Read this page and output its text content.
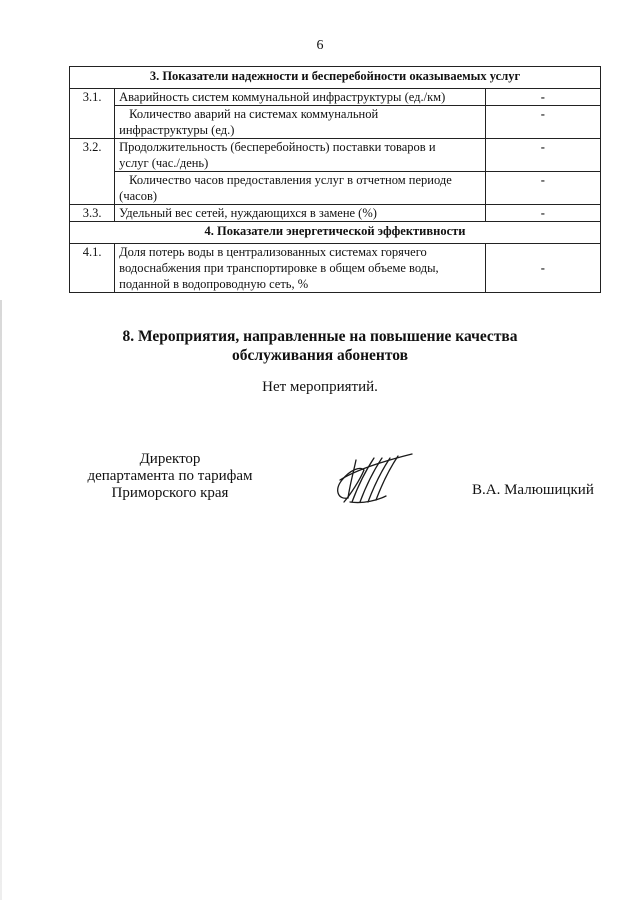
6
3. Показатели надежности и бесперебойности оказываемых услуг		
3.1.	Аварийность систем коммунальной инфраструктуры (ед./км)	-

	Количество аварий на системах коммунальной
инфраструктуры (ед.)	-
3.2.	Продолжительность (бесперебойность) поставки товаров и
услуг (час./день)	-

	Количество часов предоставления услуг в отчетном периоде
(часов)	-
3.3.	Удельный вес сетей, нуждающихся в замене (%)	-
4. Показатели энергетической эффективности		
4.1.	Доля потерь воды в централизованных системах горячего
водоснабжения при транспортировке в общем объеме воды,
поданной в водопроводную сеть, %	-
8. Мероприятия, направленные на повышение качества
обслуживания абонентов
Нет мероприятий.
Директор
департамента по тарифам
Приморского края	В.А. Малюшицкий
